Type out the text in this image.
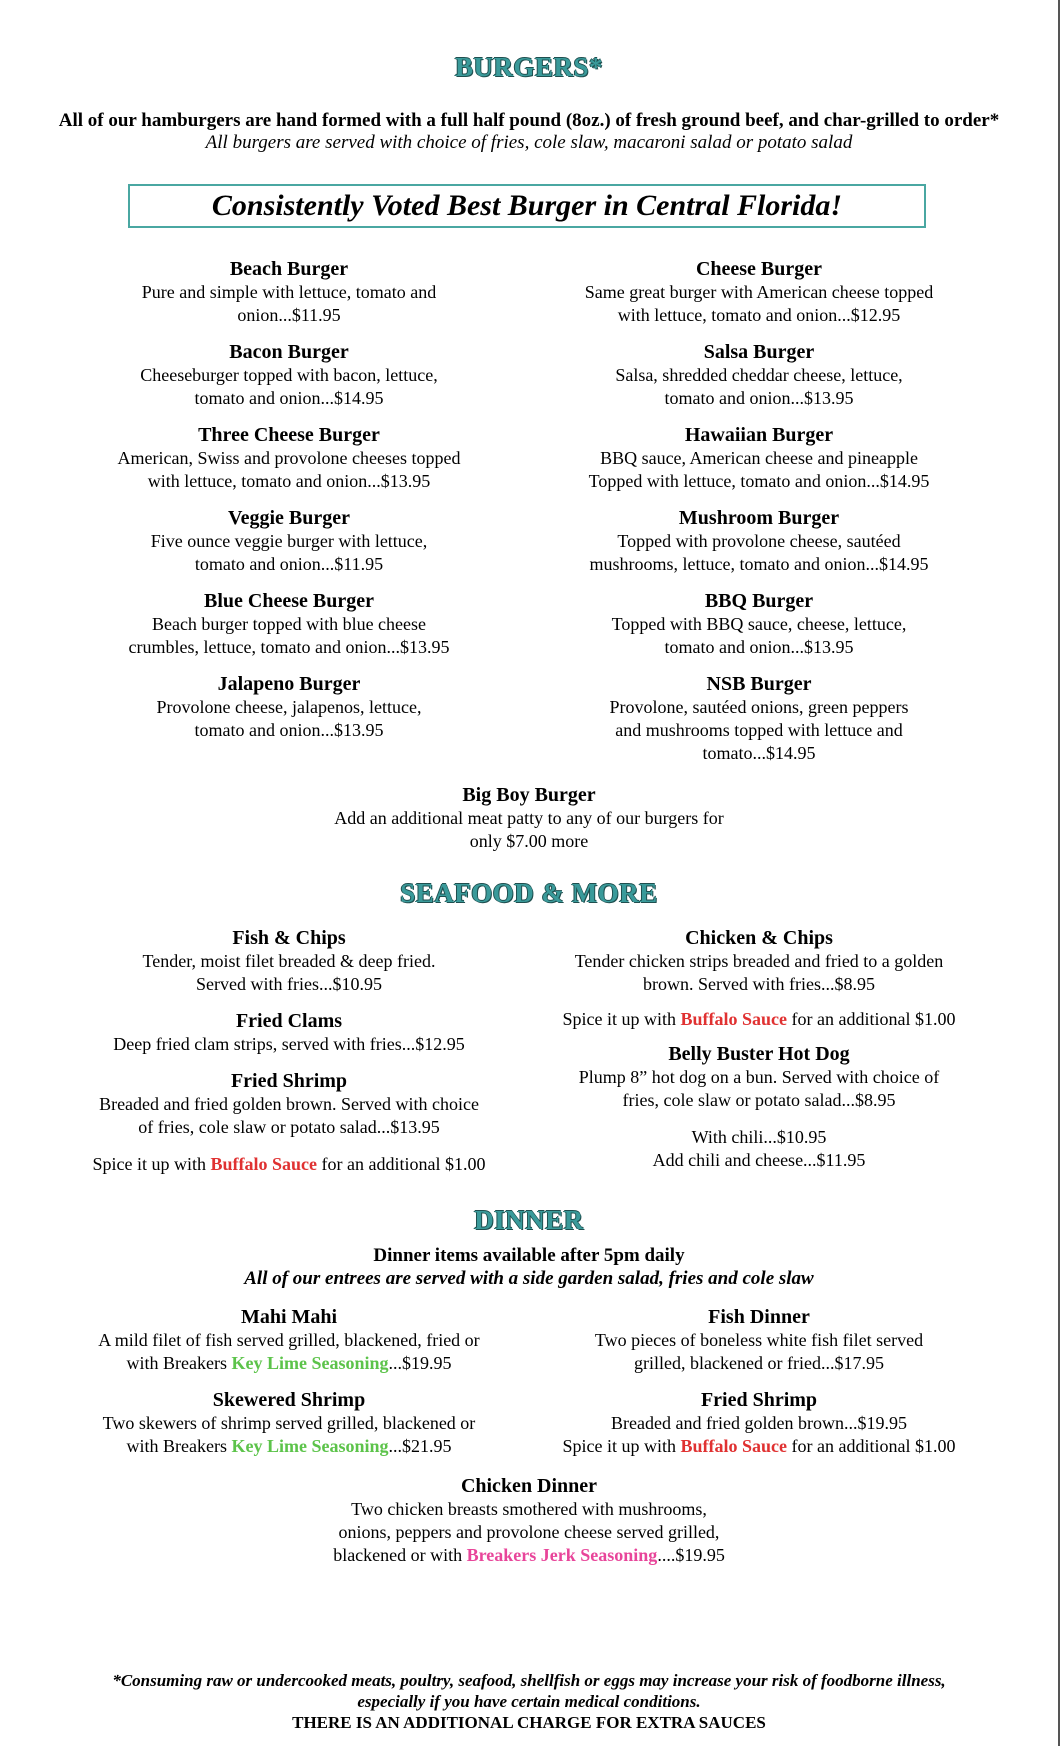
BURGERS*
All of our hamburgers are hand formed with a full half pound (8oz.) of fresh ground beef, and char-grilled to order*
All burgers are served with choice of fries, cole slaw, macaroni salad or potato salad
Consistently Voted Best Burger in Central Florida!
Beach Burger
Pure and simple with lettuce, tomato and
onion...$11.95
Bacon Burger
Cheeseburger topped with bacon, lettuce,
tomato and onion...$14.95
Three Cheese Burger
American, Swiss and provolone cheeses topped
with lettuce, tomato and onion...$13.95
Veggie Burger
Five ounce veggie burger with lettuce,
tomato and onion...$11.95
Blue Cheese Burger
Beach burger topped with blue cheese
crumbles, lettuce, tomato and onion...$13.95
Jalapeno Burger
Provolone cheese, jalapenos, lettuce,
tomato and onion...$13.95
Cheese Burger
Same great burger with American cheese topped
with lettuce, tomato and onion...$12.95
Salsa Burger
Salsa, shredded cheddar cheese, lettuce,
tomato and onion...$13.95
Hawaiian Burger
BBQ sauce, American cheese and pineapple
Topped with lettuce, tomato and onion...$14.95
Mushroom Burger
Topped with provolone cheese, sautéed
mushrooms, lettuce, tomato and onion...$14.95
BBQ Burger
Topped with BBQ sauce, cheese, lettuce,
tomato and onion...$13.95
NSB Burger
Provolone, sautéed onions, green peppers
and mushrooms topped with lettuce and
tomato...$14.95
Big Boy Burger
Add an additional meat patty to any of our burgers for
only $7.00 more
SEAFOOD & MORE
Fish & Chips
Tender, moist filet breaded & deep fried.
Served with fries...$10.95
Fried Clams
Deep fried clam strips, served with fries...$12.95
Fried Shrimp
Breaded and fried golden brown. Served with choice
of fries, cole slaw or potato salad...$13.95
Spice it up with Buffalo Sauce for an additional $1.00
Chicken & Chips
Tender chicken strips breaded and fried to a golden
brown. Served with fries...$8.95
Spice it up with Buffalo Sauce for an additional $1.00
Belly Buster Hot Dog
Plump 8” hot dog on a bun. Served with choice of
fries, cole slaw or potato salad...$8.95
With chili...$10.95
Add chili and cheese...$11.95
DINNER
Dinner items available after 5pm daily
All of our entrees are served with a side garden salad, fries and cole slaw
Mahi Mahi
A mild filet of fish served grilled, blackened, fried or
with Breakers Key Lime Seasoning...$19.95
Skewered Shrimp
Two skewers of shrimp served grilled, blackened or
with Breakers Key Lime Seasoning...$21.95
Fish Dinner
Two pieces of boneless white fish filet served
grilled, blackened or fried...$17.95
Fried Shrimp
Breaded and fried golden brown...$19.95
Spice it up with Buffalo Sauce for an additional $1.00
Chicken Dinner
Two chicken breasts smothered with mushrooms,
onions, peppers and provolone cheese served grilled,
blackened or with Breakers Jerk Seasoning....$19.95
*Consuming raw or undercooked meats, poultry, seafood, shellfish or eggs may increase your risk of foodborne illness,
especially if you have certain medical conditions.
THERE IS AN ADDITIONAL CHARGE FOR EXTRA SAUCES
